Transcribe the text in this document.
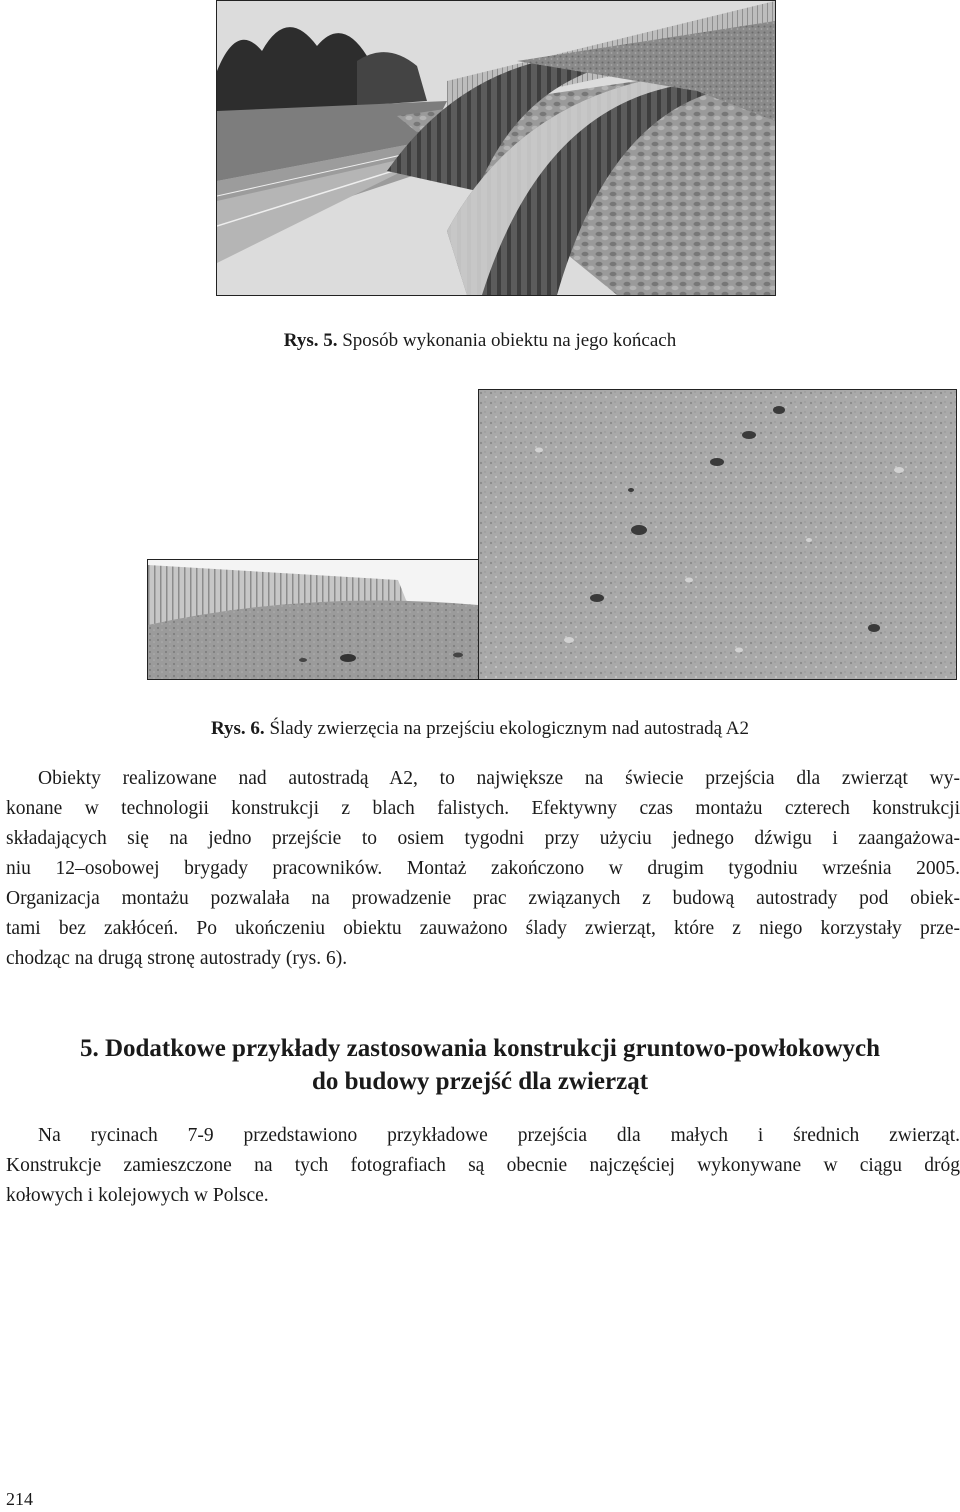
Rys. 5. Sposób wykonania obiektu na jego końcach
Rys. 6. Ślady zwierzęcia na przejściu ekologicznym nad autostradą A2
Obiekty realizowane nad autostradą A2, to największe na świecie przejścia dla zwierząt wy-
konane w technologii konstrukcji z blach falistych. Efektywny czas montażu czterech konstrukcji
składających się na jedno przejście to osiem tygodni przy użyciu jednego dźwigu i zaangażowa-
niu 12–osobowej brygady pracowników. Montaż zakończono w drugim tygodniu września 2005.
Organizacja montażu pozwalała na prowadzenie prac związanych z budową autostrady pod obiek-
tami bez zakłóceń. Po ukończeniu obiektu zauważono ślady zwierząt, które z niego korzystały prze-
chodząc na drugą stronę autostrady (rys. 6).
5. Dodatkowe przykłady zastosowania konstrukcji gruntowo-powłokowych
do budowy przejść dla zwierząt
Na rycinach 7-9 przedstawiono przykładowe przejścia dla małych i średnich zwierząt.
Konstrukcje zamieszczone na tych fotografiach są obecnie najczęściej wykonywane w ciągu dróg
kołowych i kolejowych w Polsce.
214
